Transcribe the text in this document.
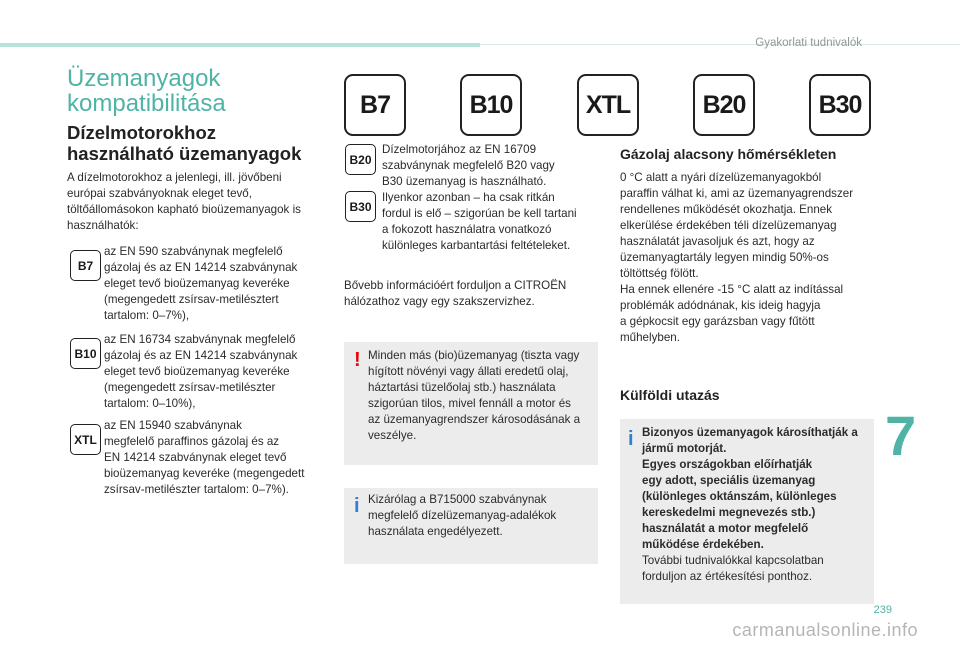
Gyakorlati tudnivalók
Üzemanyagok
kompatibilitása	B7	B10	XTL	B20	B30
Dízelmotorokhoz
használható üzemanyagok
A dízelmotorokhoz a jelenlegi, ill. jövőbeni
európai szabványoknak eleget tevő,
töltőállomásokon kapható bioüzemanyagok is
használhatók:
B7
az EN 590 szabványnak megfelelő
gázolaj és az EN 14214 szabványnak
eleget tevő bioüzemanyag keveréke
(megengedett zsírsav-metilésztert
tartalom: 0–7%),
B10
az EN 16734 szabványnak megfelelő
gázolaj és az EN 14214 szabványnak
eleget tevő bioüzemanyag keveréke
(megengedett zsírsav-metilészter
tartalom: 0–10%),
XTL
az EN 15940 szabványnak
megfelelő paraffinos gázolaj és az
EN 14214 szabványnak eleget tevő
bioüzemanyag keveréke (megengedett
zsírsav-metilészter tartalom: 0–7%).
B20
B30
Dízelmotorjához az EN 16709
szabványnak megfelelő B20 vagy
B30 üzemanyag is használható.
Ilyenkor azonban – ha csak ritkán
fordul is elő – szigorúan be kell tartani
a fokozott használatra vonatkozó
különleges karbantartási feltételeket.
Bővebb információért forduljon a CITROËN
hálózathoz vagy egy szakszervizhez.
! Minden más (bio)üzemanyag (tiszta vagy
hígított növényi vagy állati eredetű olaj,
háztartási tüzelőolaj stb.) használata
szigorúan tilos, mivel fennáll a motor és
az üzemanyagrendszer károsodásának a
veszélye.
i Kizárólag a B715000 szabványnak
megfelelő dízelüzemanyag-adalékok
használata engedélyezett.
Gázolaj alacsony hőmérsékleten
0 °C alatt a nyári dízelüzemanyagokból
paraffin válhat ki, ami az üzemanyagrendszer
rendellenes működését okozhatja. Ennek
elkerülése érdekében téli dízelüzemanyag
használatát javasoljuk és azt, hogy az
üzemanyagtartály legyen mindig 50%-os
töltöttség fölött.
Ha ennek ellenére -15 °C alatt az indítással
problémák adódnának, kis ideig hagyja
a gépkocsit egy garázsban vagy fűtött
műhelyben.
Külföldi utazás
i Bizonyos üzemanyagok károsíthatják a
jármű motorját.
Egyes országokban előírhatják
egy adott, speciális üzemanyag
(különleges oktánszám, különleges
kereskedelmi megnevezés stb.)
használatát a motor megfelelő
működése érdekében.
További tudnivalókkal kapcsolatban
forduljon az értékesítési ponthoz.
7
239
carmanualsonline.info
